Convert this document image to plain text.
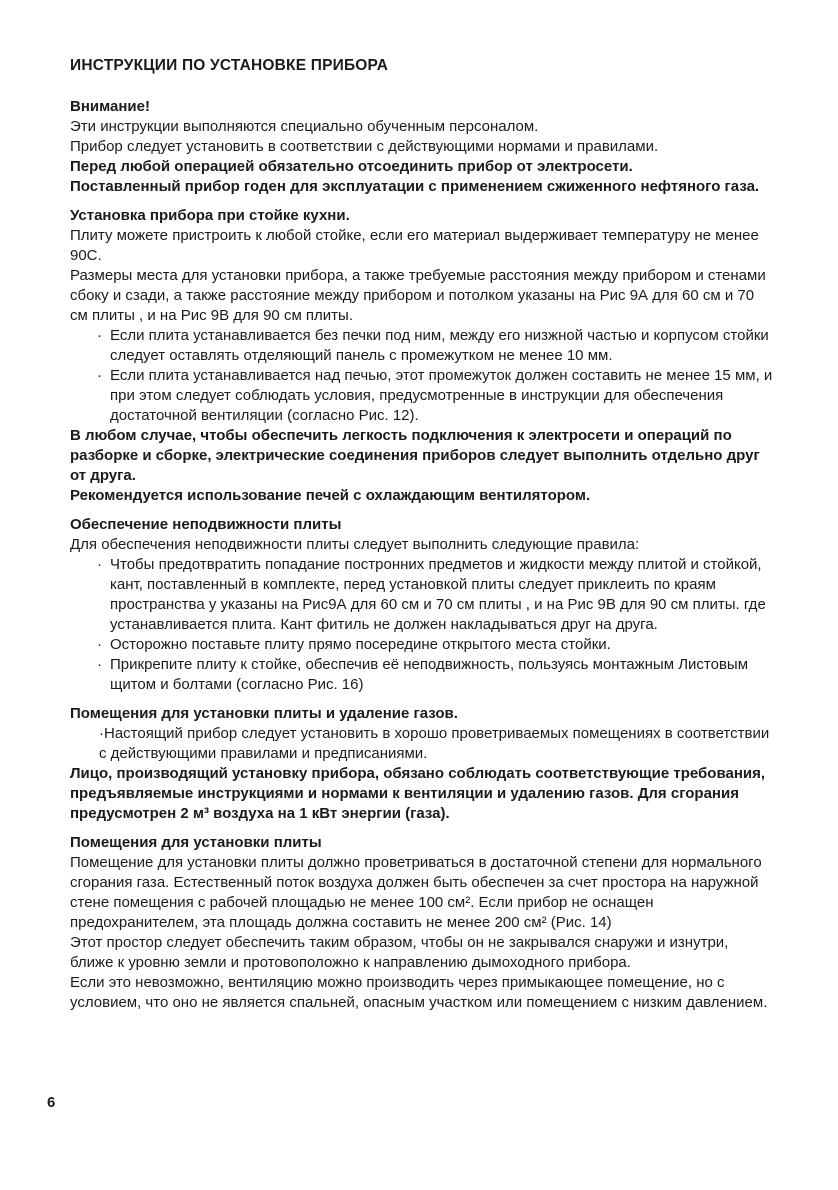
ИНСТРУКЦИИ ПО УСТАНОВКЕ ПРИБОРА

Внимание!

Эти инструкции выполняются специально обученным персоналом.

Прибор следует установить в соответствии с действующими нормами и правилами.

Перед любой операцией обязательно отсоединить прибор от электросети.

Поставленный прибор годен для эксплуатации с применением сжиженного нефтяного газа.

Установка прибора при стойке кухни.

Плиту можете пристроить к любой стойке, если его материал выдерживает температуру не менее 90С.

Размеры места для установки прибора, а также требуемые расстояния между прибором и стенами сбоку и сзади, а также расстояние между прибором и потолком указаны на Рис 9А для 60 см и 70 см плиты , и на Рис 9В для 90 см плиты.

· Если плита устанавливается без печки под ним, между его низжной частью и корпусом стойки следует оставлять отделяющий панель с промежутком не менее 10 мм.
· Если плита устанавливается над печью, этот промежуток должен составить не менее 15 мм, и при этом следует соблюдать условия, предусмотренные в инструкции для обеспечения достаточной вентиляции (согласно Рис. 12).

В любом случае, чтобы обеспечить легкость подключения к электросети и операций по разборке и сборке, электрические соединения приборов следует выполнить отдельно друг от друга.

Рекомендуется использование печей с охлаждающим вентилятором.

Обеспечение неподвижности плиты

Для обеспечения неподвижности плиты следует выполнить следующие правила:

· Чтобы предотвратить попадание постронних предметов и жидкости между плитой и стойкой, кант, поставленный в комплекте, перед установкой плиты следует приклеить по краям пространства у указаны на Рис9А для 60 см и 70 см плиты , и на Рис 9В для 90 см плиты. где устанавливается плита. Кант фитиль не должен накладываться друг на друга.
· Осторожно поставьте плиту прямо посередине открытого места стойки.
· Прикрепите плиту к стойке, обеспечив её неподвижность, пользуясь монтажным Листовым щитом и болтами (согласно Рис. 16)

Помещения для установки плиты и удаление газов.

·Настоящий прибор следует установить в хорошо проветриваемых помещениях в соответствии с действующими правилами и предписаниями.

Лицо, производящий установку прибора, обязано соблюдать соответствующие требования, предъявляемые инструкциями и нормами к вентиляции и удалению газов. Для сгорания предусмотрен 2 м³ воздуха на 1 кВт энергии (газа).

Помещения для установки плиты

Помещение для установки плиты должно проветриваться в достаточной степени для нормального сгорания газа. Естественный поток воздуха должен быть обеспечен за счет простора на наружной стене помещения с рабочей площадью не менее 100 см². Если прибор не оснащен предохранителем, эта площадь должна составить не менее 200 см² (Рис. 14)

Этот простор следует обеспечить таким образом, чтобы он не закрывался снаружи и изнутри, ближе к уровню земли и протовоположно к направлению дымоходного прибора.

Если это невозможно, вентиляцию можно производить через примыкающее помещение, но с условием, что оно не является спальней, опасным участком или помещением с низким давлением.

6
